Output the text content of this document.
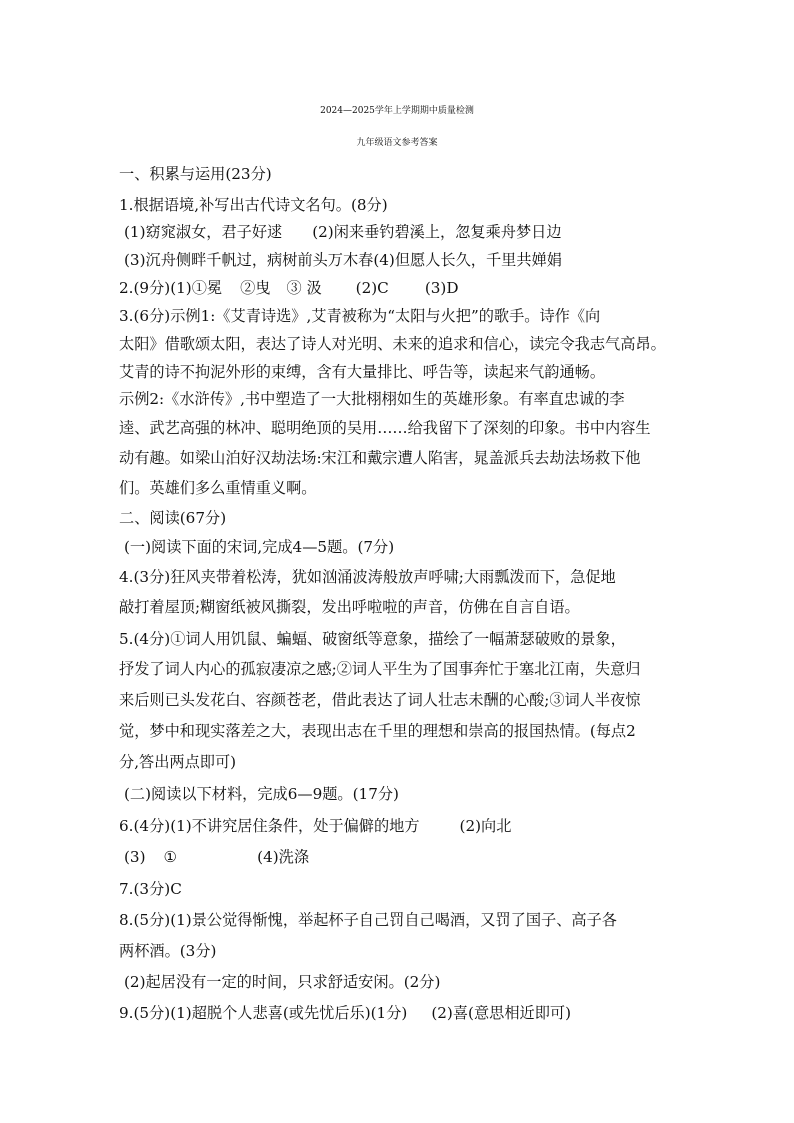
2024—2025学年上学期期中质量检测
九年级语文参考答案
一、积累与运用(23分)
1.根据语境,补写出古代诗文名句。(8分)
(1)窈窕淑女，君子好逑 (2)闲来垂钓碧溪上，忽复乘舟梦日边
(3)沉舟侧畔千帆过，病树前头万木春(4)但愿人长久，千里共婵娟
2.(9分)(1)①冕 ②曳 ③ 汲 (2)C (3)D
3.(6分)示例1:《艾青诗选》,艾青被称为“太阳与火把”的歌手。诗作《向
太阳》借歌颂太阳，表达了诗人对光明、未来的追求和信心，读完令我志气高昂。
艾青的诗不拘泥外形的束缚，含有大量排比、呼告等，读起来气韵通畅。
示例2:《水浒传》,书中塑造了一大批栩栩如生的英雄形象。有率直忠诚的李
逵、武艺高强的林冲、聪明绝顶的吴用……给我留下了深刻的印象。书中内容生
动有趣。如梁山泊好汉劫法场:宋江和戴宗遭人陷害，晁盖派兵去劫法场救下他
们。英雄们多么重情重义啊。
二、阅读(67分)
(一)阅读下面的宋词,完成4—5题。(7分)
4.(3分)狂风夹带着松涛，犹如汹涌波涛般放声呼啸;大雨瓢泼而下，急促地
敲打着屋顶;糊窗纸被风撕裂，发出呼啦啦的声音，仿佛在自言自语。
5.(4分)①词人用饥鼠、蝙蝠、破窗纸等意象，描绘了一幅萧瑟破败的景象，
抒发了词人内心的孤寂凄凉之感;②词人平生为了国事奔忙于塞北江南，失意归
来后则已头发花白、容颜苍老，借此表达了词人壮志未酬的心酸;③词人半夜惊
觉，梦中和现实落差之大，表现出志在千里的理想和崇高的报国热情。(每点2
分,答出两点即可)
(二)阅读以下材料，完成6—9题。(17分)
6.(4分)(1)不讲究居住条件，处于偏僻的地方	(2)向北
(3) ①	(4)洗涤
7.(3分)C
8.(5分)(1)景公觉得惭愧，举起杯子自己罚自己喝酒，又罚了国子、高子各
两杯酒。(3分)
(2)起居没有一定的时间，只求舒适安闲。(2分)
9.(5分)(1)超脱个人悲喜(或先忧后乐)(1分) (2)喜(意思相近即可)
